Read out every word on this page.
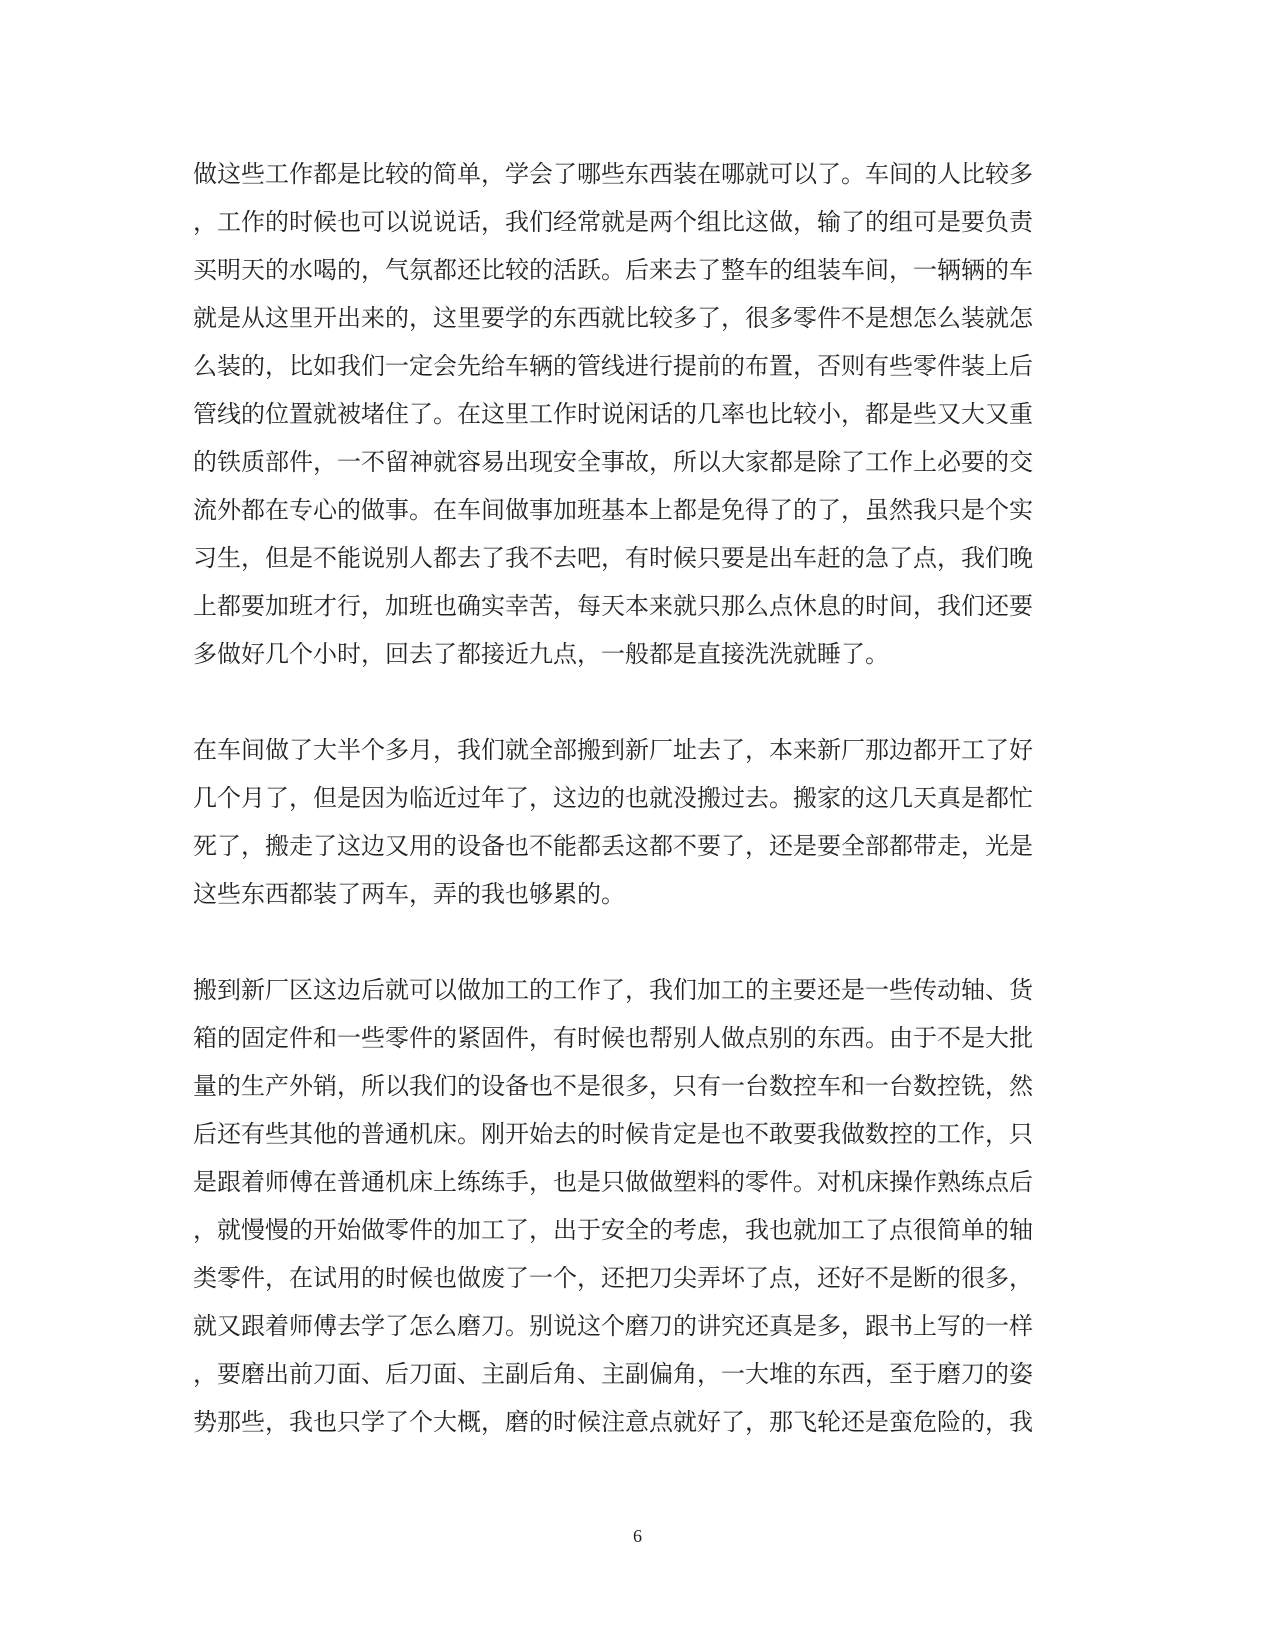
做这些工作都是比较的简单，学会了哪些东西装在哪就可以了。车间的人比较多
，工作的时候也可以说说话，我们经常就是两个组比这做，输了的组可是要负责
买明天的水喝的，气氛都还比较的活跃。后来去了整车的组装车间，一辆辆的车
就是从这里开出来的，这里要学的东西就比较多了，很多零件不是想怎么装就怎
么装的，比如我们一定会先给车辆的管线进行提前的布置，否则有些零件装上后
管线的位置就被堵住了。在这里工作时说闲话的几率也比较小，都是些又大又重
的铁质部件，一不留神就容易出现安全事故，所以大家都是除了工作上必要的交
流外都在专心的做事。在车间做事加班基本上都是免得了的了，虽然我只是个实
习生，但是不能说别人都去了我不去吧，有时候只要是出车赶的急了点，我们晚
上都要加班才行，加班也确实幸苦，每天本来就只那么点休息的时间，我们还要
多做好几个小时，回去了都接近九点，一般都是直接洗洗就睡了。
在车间做了大半个多月，我们就全部搬到新厂址去了，本来新厂那边都开工了好
几个月了，但是因为临近过年了，这边的也就没搬过去。搬家的这几天真是都忙
死了，搬走了这边又用的设备也不能都丢这都不要了，还是要全部都带走，光是
这些东西都装了两车，弄的我也够累的。
搬到新厂区这边后就可以做加工的工作了，我们加工的主要还是一些传动轴、货
箱的固定件和一些零件的紧固件，有时候也帮别人做点别的东西。由于不是大批
量的生产外销，所以我们的设备也不是很多，只有一台数控车和一台数控铣，然
后还有些其他的普通机床。刚开始去的时候肯定是也不敢要我做数控的工作，只
是跟着师傅在普通机床上练练手，也是只做做塑料的零件。对机床操作熟练点后
，就慢慢的开始做零件的加工了，出于安全的考虑，我也就加工了点很简单的轴
类零件，在试用的时候也做废了一个，还把刀尖弄坏了点，还好不是断的很多，
就又跟着师傅去学了怎么磨刀。别说这个磨刀的讲究还真是多，跟书上写的一样
，要磨出前刀面、后刀面、主副后角、主副偏角，一大堆的东西，至于磨刀的姿
势那些，我也只学了个大概，磨的时候注意点就好了，那飞轮还是蛮危险的，我
6
